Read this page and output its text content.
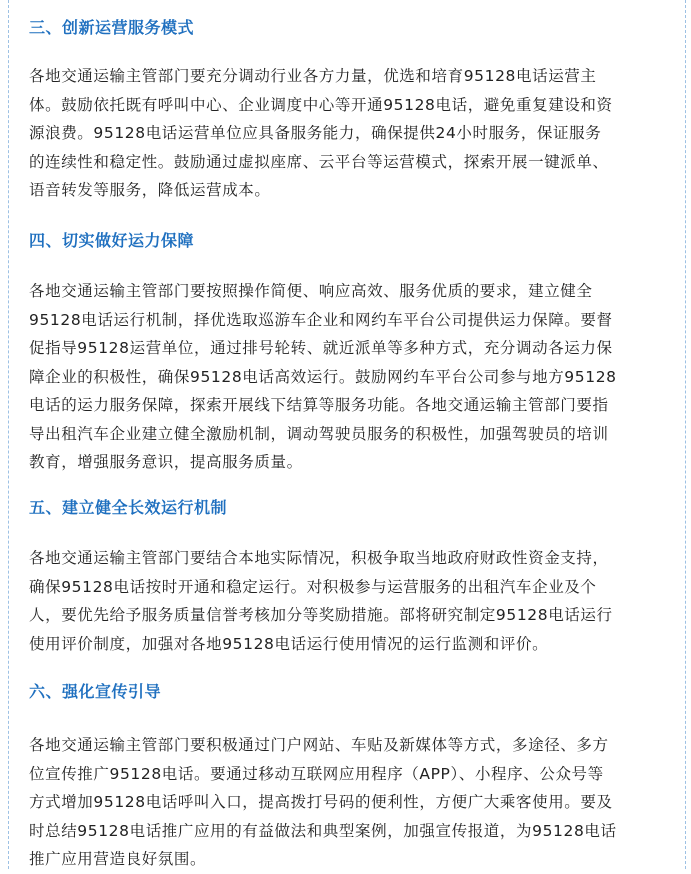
三、创新运营服务模式
各地交通运输主管部门要充分调动行业各方力量，优选和培育95128电话运营主
体。鼓励依托既有呼叫中心、企业调度中心等开通95128电话，避免重复建设和资
源浪费。95128电话运营单位应具备服务能力，确保提供24小时服务，保证服务
的连续性和稳定性。鼓励通过虚拟座席、云平台等运营模式，探索开展一键派单、
语音转发等服务，降低运营成本。
四、切实做好运力保障
各地交通运输主管部门要按照操作简便、响应高效、服务优质的要求，建立健全
95128电话运行机制，择优选取巡游车企业和网约车平台公司提供运力保障。要督
促指导95128运营单位，通过排号轮转、就近派单等多种方式，充分调动各运力保
障企业的积极性，确保95128电话高效运行。鼓励网约车平台公司参与地方95128
电话的运力服务保障，探索开展线下结算等服务功能。各地交通运输主管部门要指
导出租汽车企业建立健全激励机制，调动驾驶员服务的积极性，加强驾驶员的培训
教育，增强服务意识，提高服务质量。
五、建立健全长效运行机制
各地交通运输主管部门要结合本地实际情况，积极争取当地政府财政性资金支持，
确保95128电话按时开通和稳定运行。对积极参与运营服务的出租汽车企业及个
人，要优先给予服务质量信誉考核加分等奖励措施。部将研究制定95128电话运行
使用评价制度，加强对各地95128电话运行使用情况的运行监测和评价。
六、强化宣传引导
各地交通运输主管部门要积极通过门户网站、车贴及新媒体等方式，多途径、多方
位宣传推广95128电话。要通过移动互联网应用程序（APP）、小程序、公众号等
方式增加95128电话呼叫入口，提高拨打号码的便利性，方便广大乘客使用。要及
时总结95128电话推广应用的有益做法和典型案例，加强宣传报道，为95128电话
推广应用营造良好氛围。
